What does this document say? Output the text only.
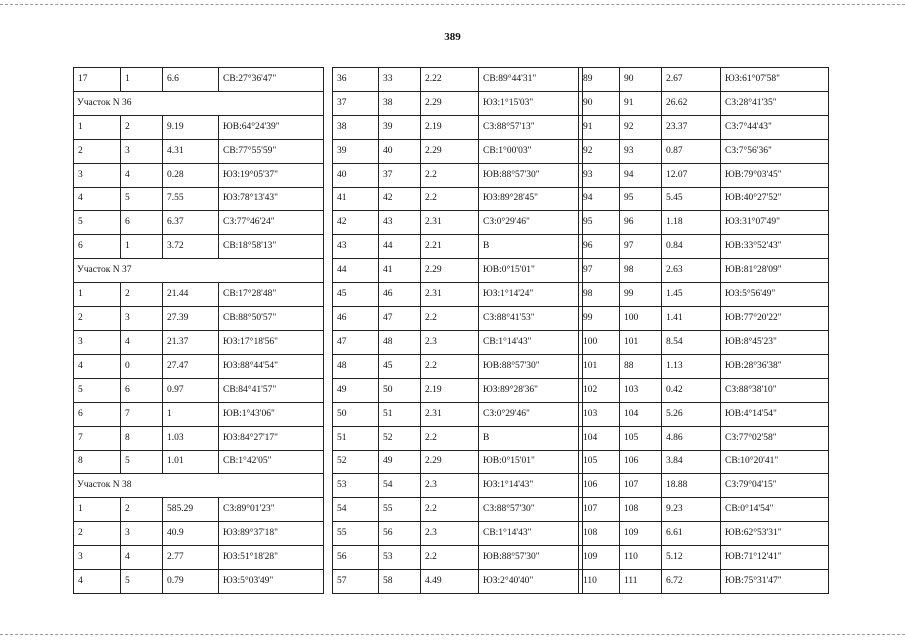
389
17	1	6.6	СВ:27°36'47"
Участок N 36			
1	2	9.19	ЮВ:64°24'39"
2	3	4.31	СВ:77°55'59"
3	4	0.28	ЮЗ:19°05'37"
4	5	7.55	ЮЗ:78°13'43"
5	6	6.37	СЗ:77°46'24"
6	1	3.72	СВ:18°58'13"
Участок N 37			
1	2	21.44	СВ:17°28'48"
2	3	27.39	СВ:88°50'57"
3	4	21.37	ЮЗ:17°18'56"
4	0	27.47	ЮЗ:88°44'54"
5	6	0.97	СВ:84°41'57"
6	7	1	ЮВ:1°43'06"
7	8	1.03	ЮЗ:84°27'17"
8	5	1.01	СВ:1°42'05"
Участок N 38			
1	2	585.29	СЗ:89°01'23"
2	3	40.9	ЮЗ:89°37'18"
3	4	2.77	ЮЗ:51°18'28"
4	5	0.79	ЮЗ:5°03'49"
36	33	2.22	СВ:89°44'31"
37	38	2.29	ЮЗ:1°15'03"
38	39	2.19	СЗ:88°57'13"
39	40	2.29	СВ:1°00'03"
40	37	2.2	ЮВ:88°57'30"
41	42	2.2	ЮЗ:89°28'45"
42	43	2.31	СЗ:0°29'46"
43	44	2.21	В
44	41	2.29	ЮВ:0°15'01"
45	46	2.31	ЮЗ:1°14'24"
46	47	2.2	СЗ:88°41'53"
47	48	2.3	СВ:1°14'43"
48	45	2.2	ЮВ:88°57'30"
49	50	2.19	ЮЗ:89°28'36"
50	51	2.31	СЗ:0°29'46"
51	52	2.2	В
52	49	2.29	ЮВ:0°15'01"
53	54	2.3	ЮЗ:1°14'43"
54	55	2.2	СЗ:88°57'30"
55	56	2.3	СВ:1°14'43"
56	53	2.2	ЮВ:88°57'30"
57	58	4.49	ЮЗ:2°40'40"
89	90	2.67	ЮЗ:61°07'58"
90	91	26.62	СЗ:28°41'35"
91	92	23.37	СЗ:7°44'43"
92	93	0.87	СЗ:7°56'36"
93	94	12.07	ЮВ:79°03'45"
94	95	5.45	ЮВ:40°27'52"
95	96	1.18	ЮЗ:31°07'49"
96	97	0.84	ЮВ:33°52'43"
97	98	2.63	ЮВ:81°28'09"
98	99	1.45	ЮЗ:5°56'49"
99	100	1.41	ЮВ:77°20'22"
100	101	8.54	ЮВ:8°45'23"
101	88	1.13	ЮВ:28°36'38"
102	103	0.42	СЗ:88°38'10"
103	104	5.26	ЮВ:4°14'54"
104	105	4.86	СЗ:77°02'58"
105	106	3.84	СВ:10°20'41"
106	107	18.88	СЗ:79°04'15"
107	108	9.23	СВ:0°14'54"
108	109	6.61	ЮВ:62°53'31"
109	110	5.12	ЮВ:71°12'41"
110	111	6.72	ЮВ:75°31'47"
